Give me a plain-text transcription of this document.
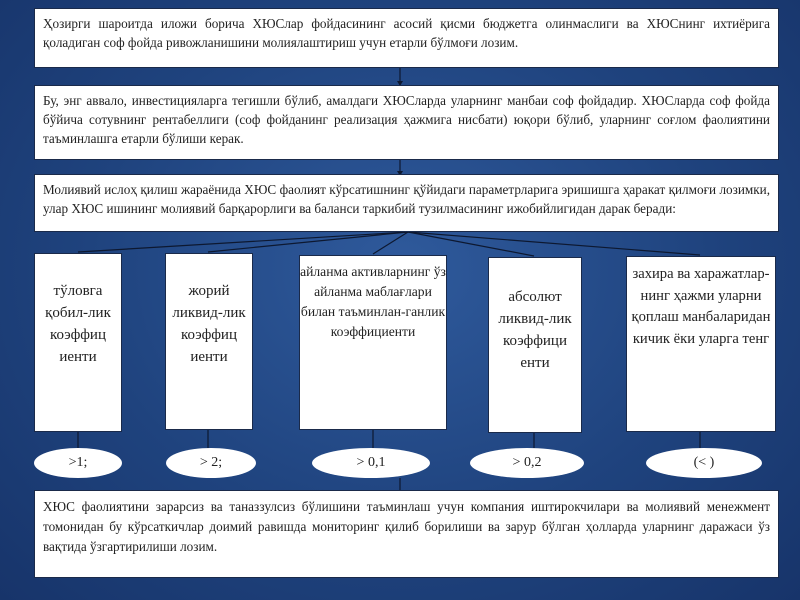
Ҳозирги шароитда иложи борича ХЮСлар фойдасининг асосий қисми бюджетга олинмаслиги ва ХЮСнинг ихтиёрига қоладиган соф фойда ривожланишини молиялаштириш учун етарли бўлмоғи лозим.
Бу, энг аввало, инвестицияларга тегишли бўлиб, амалдаги ХЮСларда уларнинг манбаи соф фойдадир. ХЮСларда соф фойда бўйича сотувнинг рентабеллиги (соф фойданинг реализация ҳажмига нисбати) юқори бўлиб, уларнинг соғлом фаолиятини таъминлашга етарли бўлиши керак.
Молиявий ислоҳ қилиш жараёнида ХЮС фаолият кўрсатишнинг қўйидаги параметрларига эришишга ҳаракат қилмоғи лозимки, улар ХЮС ишининг молиявий барқарорлиги ва баланси таркибий тузилмасининг ижобийлигидан дарак беради:
тўловга қобил-лик коэффиц иенти
жорий ликвид-лик коэффиц иенти
айланма активларнинг ўз айланма маблағлари билан таъминлан-ганлик коэффициенти
абсолют ликвид-лик коэффици енти
захира ва харажатлар-нинг ҳажми уларни қоплаш манбаларидан кичик ёки уларга тенг
>1;	> 2;	> 0,1	> 0,2	(< )
ХЮС фаолиятини зарарсиз ва таназзулсиз бўлишини таъминлаш учун компания иштирокчилари ва молиявий менежмент томонидан бу кўрсаткичлар доимий равишда мониторинг қилиб борилиши ва зарур бўлган ҳолларда уларнинг даражаси ўз вақтида ўзгартирилиши лозим.
